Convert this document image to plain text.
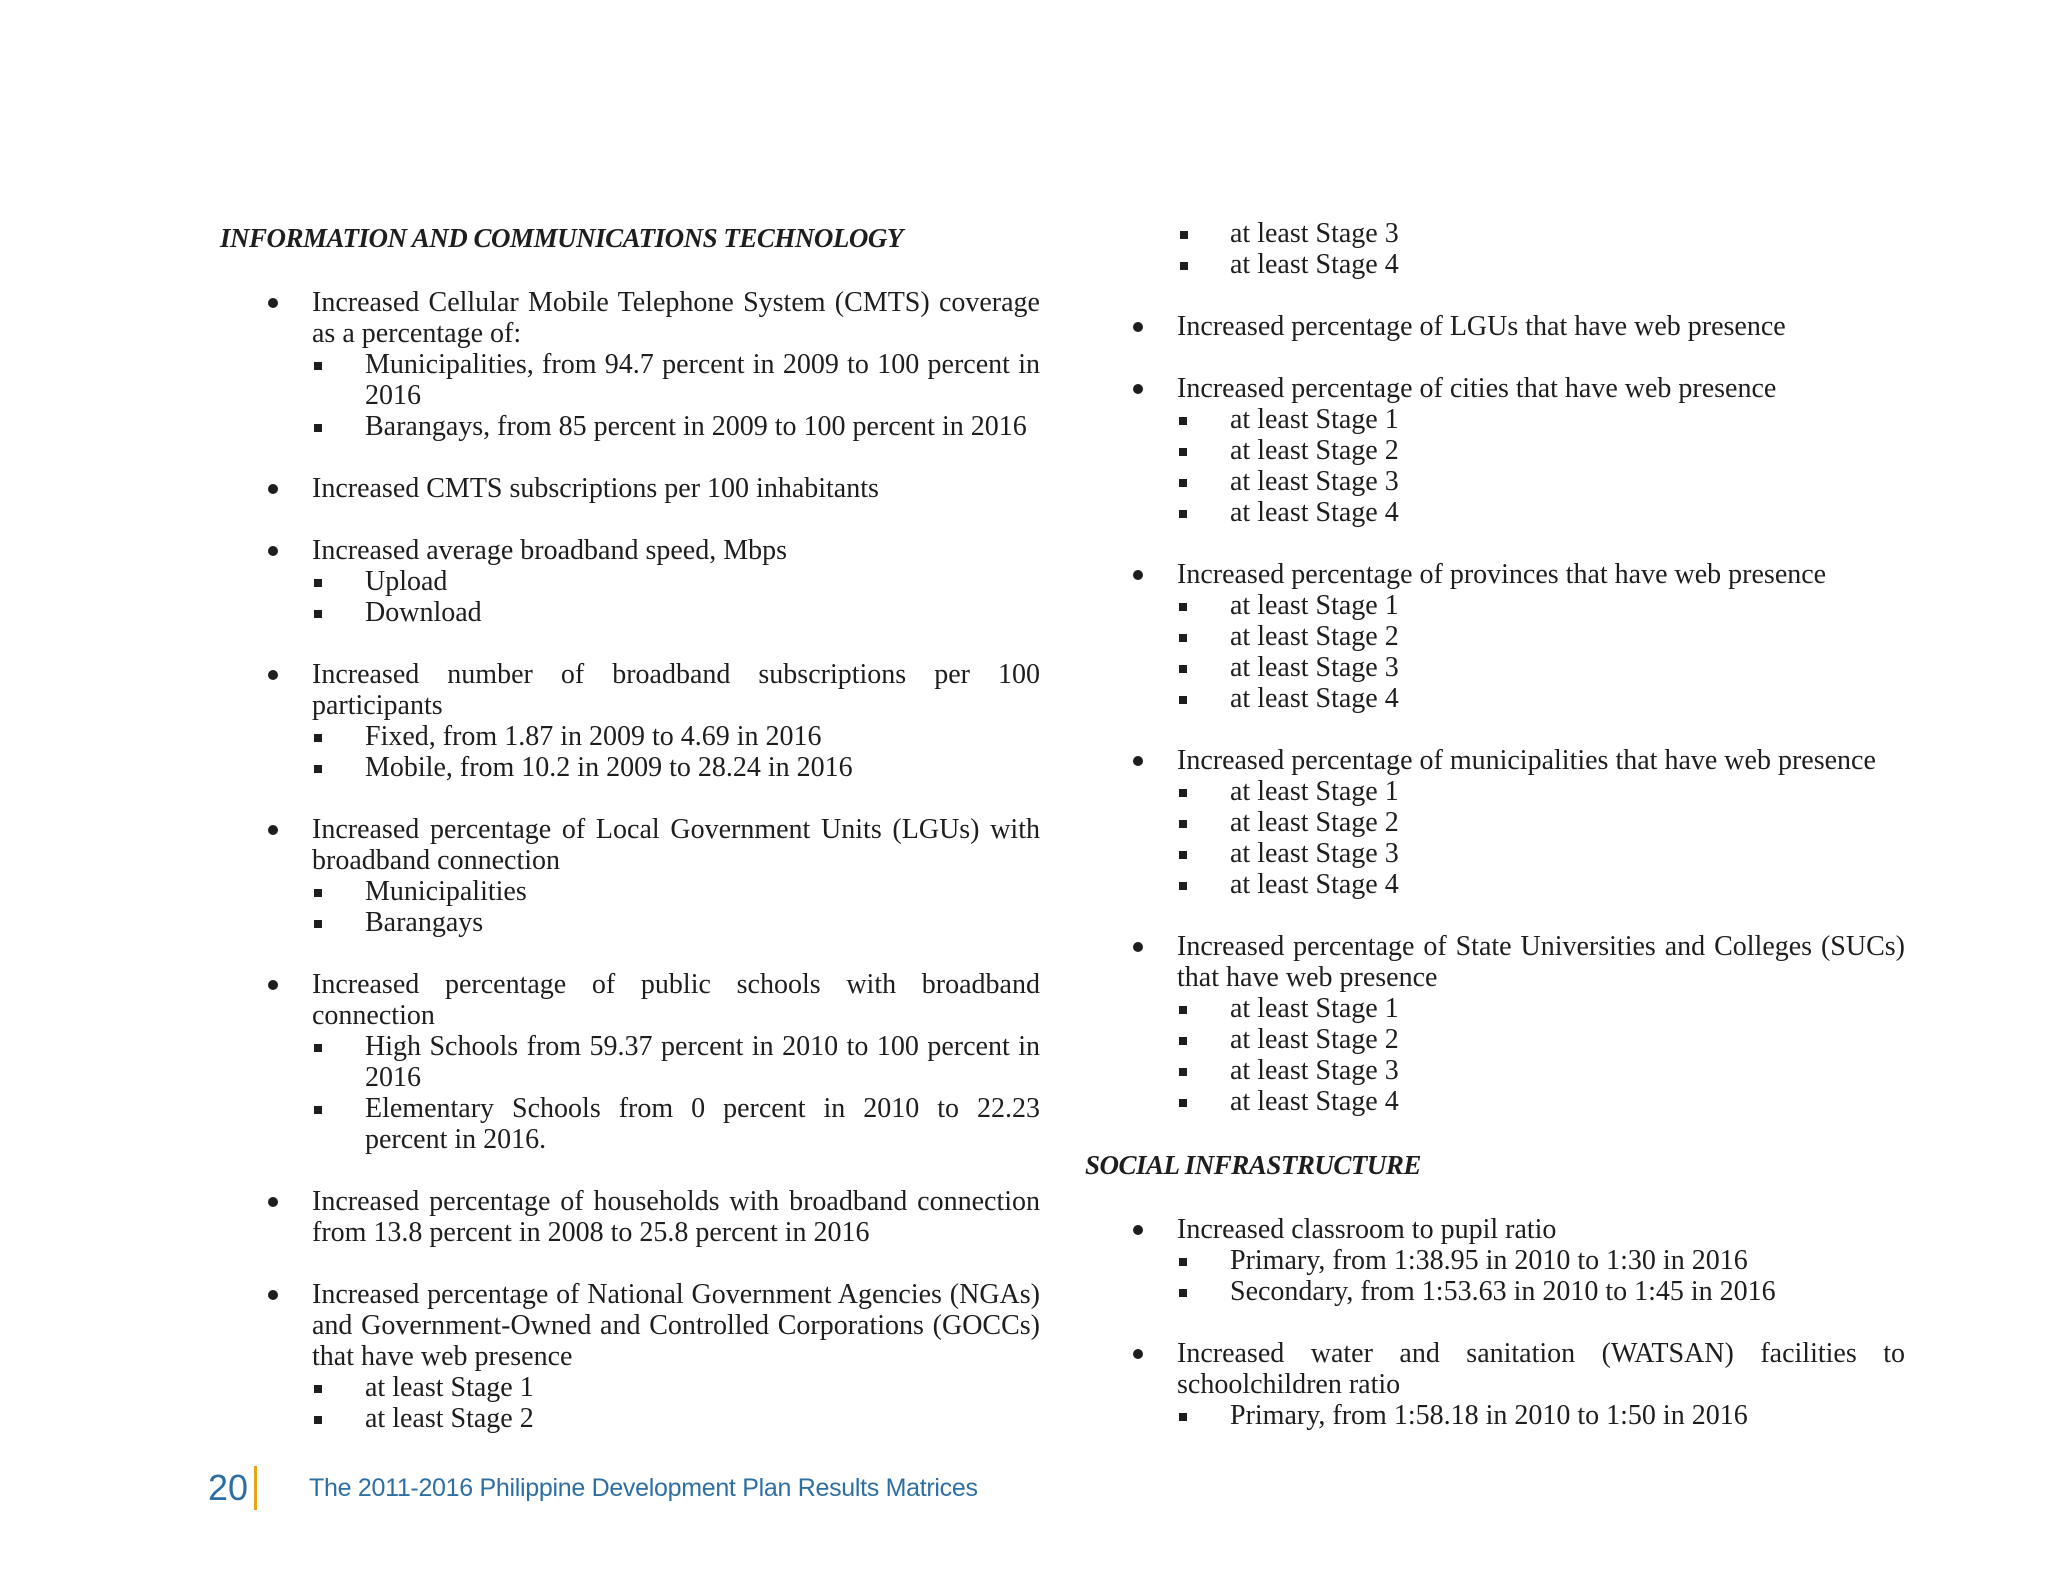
INFORMATION AND COMMUNICATIONS TECHNOLOGY
Increased Cellular Mobile Telephone System (CMTS) coverage as a percentage of:
Municipalities, from 94.7 percent in 2009 to 100 percent in 2016
Barangays, from 85 percent in 2009 to 100 percent in 2016
Increased CMTS subscriptions per 100 inhabitants
Increased average broadband speed, Mbps
Upload
Download
Increased number of broadband subscriptions per 100 participants
Fixed, from 1.87 in 2009 to 4.69 in 2016
Mobile, from 10.2 in 2009 to 28.24 in 2016
Increased percentage of Local Government Units (LGUs) with broadband connection
Municipalities
Barangays
Increased percentage of public schools with broadband connection
High Schools from 59.37 percent in 2010 to 100 percent in 2016
Elementary Schools from 0 percent in 2010 to 22.23 percent in 2016.
Increased percentage of households with broadband connection from 13.8 percent in 2008 to 25.8 percent in 2016
Increased percentage of National Government Agencies (NGAs) and Government-Owned and Controlled Corporations (GOCCs) that have web presence
at least Stage 1
at least Stage 2
at least Stage 3
at least Stage 4
Increased percentage of LGUs that have web presence
Increased percentage of cities that have web presence
at least Stage 1
at least Stage 2
at least Stage 3
at least Stage 4
Increased percentage of provinces that have web presence
at least Stage 1
at least Stage 2
at least Stage 3
at least Stage 4
Increased percentage of municipalities that have web presence
at least Stage 1
at least Stage 2
at least Stage 3
at least Stage 4
Increased percentage of State Universities and Colleges (SUCs) that have web presence
at least Stage 1
at least Stage 2
at least Stage 3
at least Stage 4
SOCIAL INFRASTRUCTURE
Increased classroom to pupil ratio
Primary, from 1:38.95 in 2010 to 1:30 in 2016
Secondary, from 1:53.63 in 2010 to 1:45 in 2016
Increased water and sanitation (WATSAN) facilities to schoolchildren ratio
Primary, from 1:58.18 in 2010 to 1:50 in 2016
20 The 2011-2016 Philippine Development Plan Results Matrices
